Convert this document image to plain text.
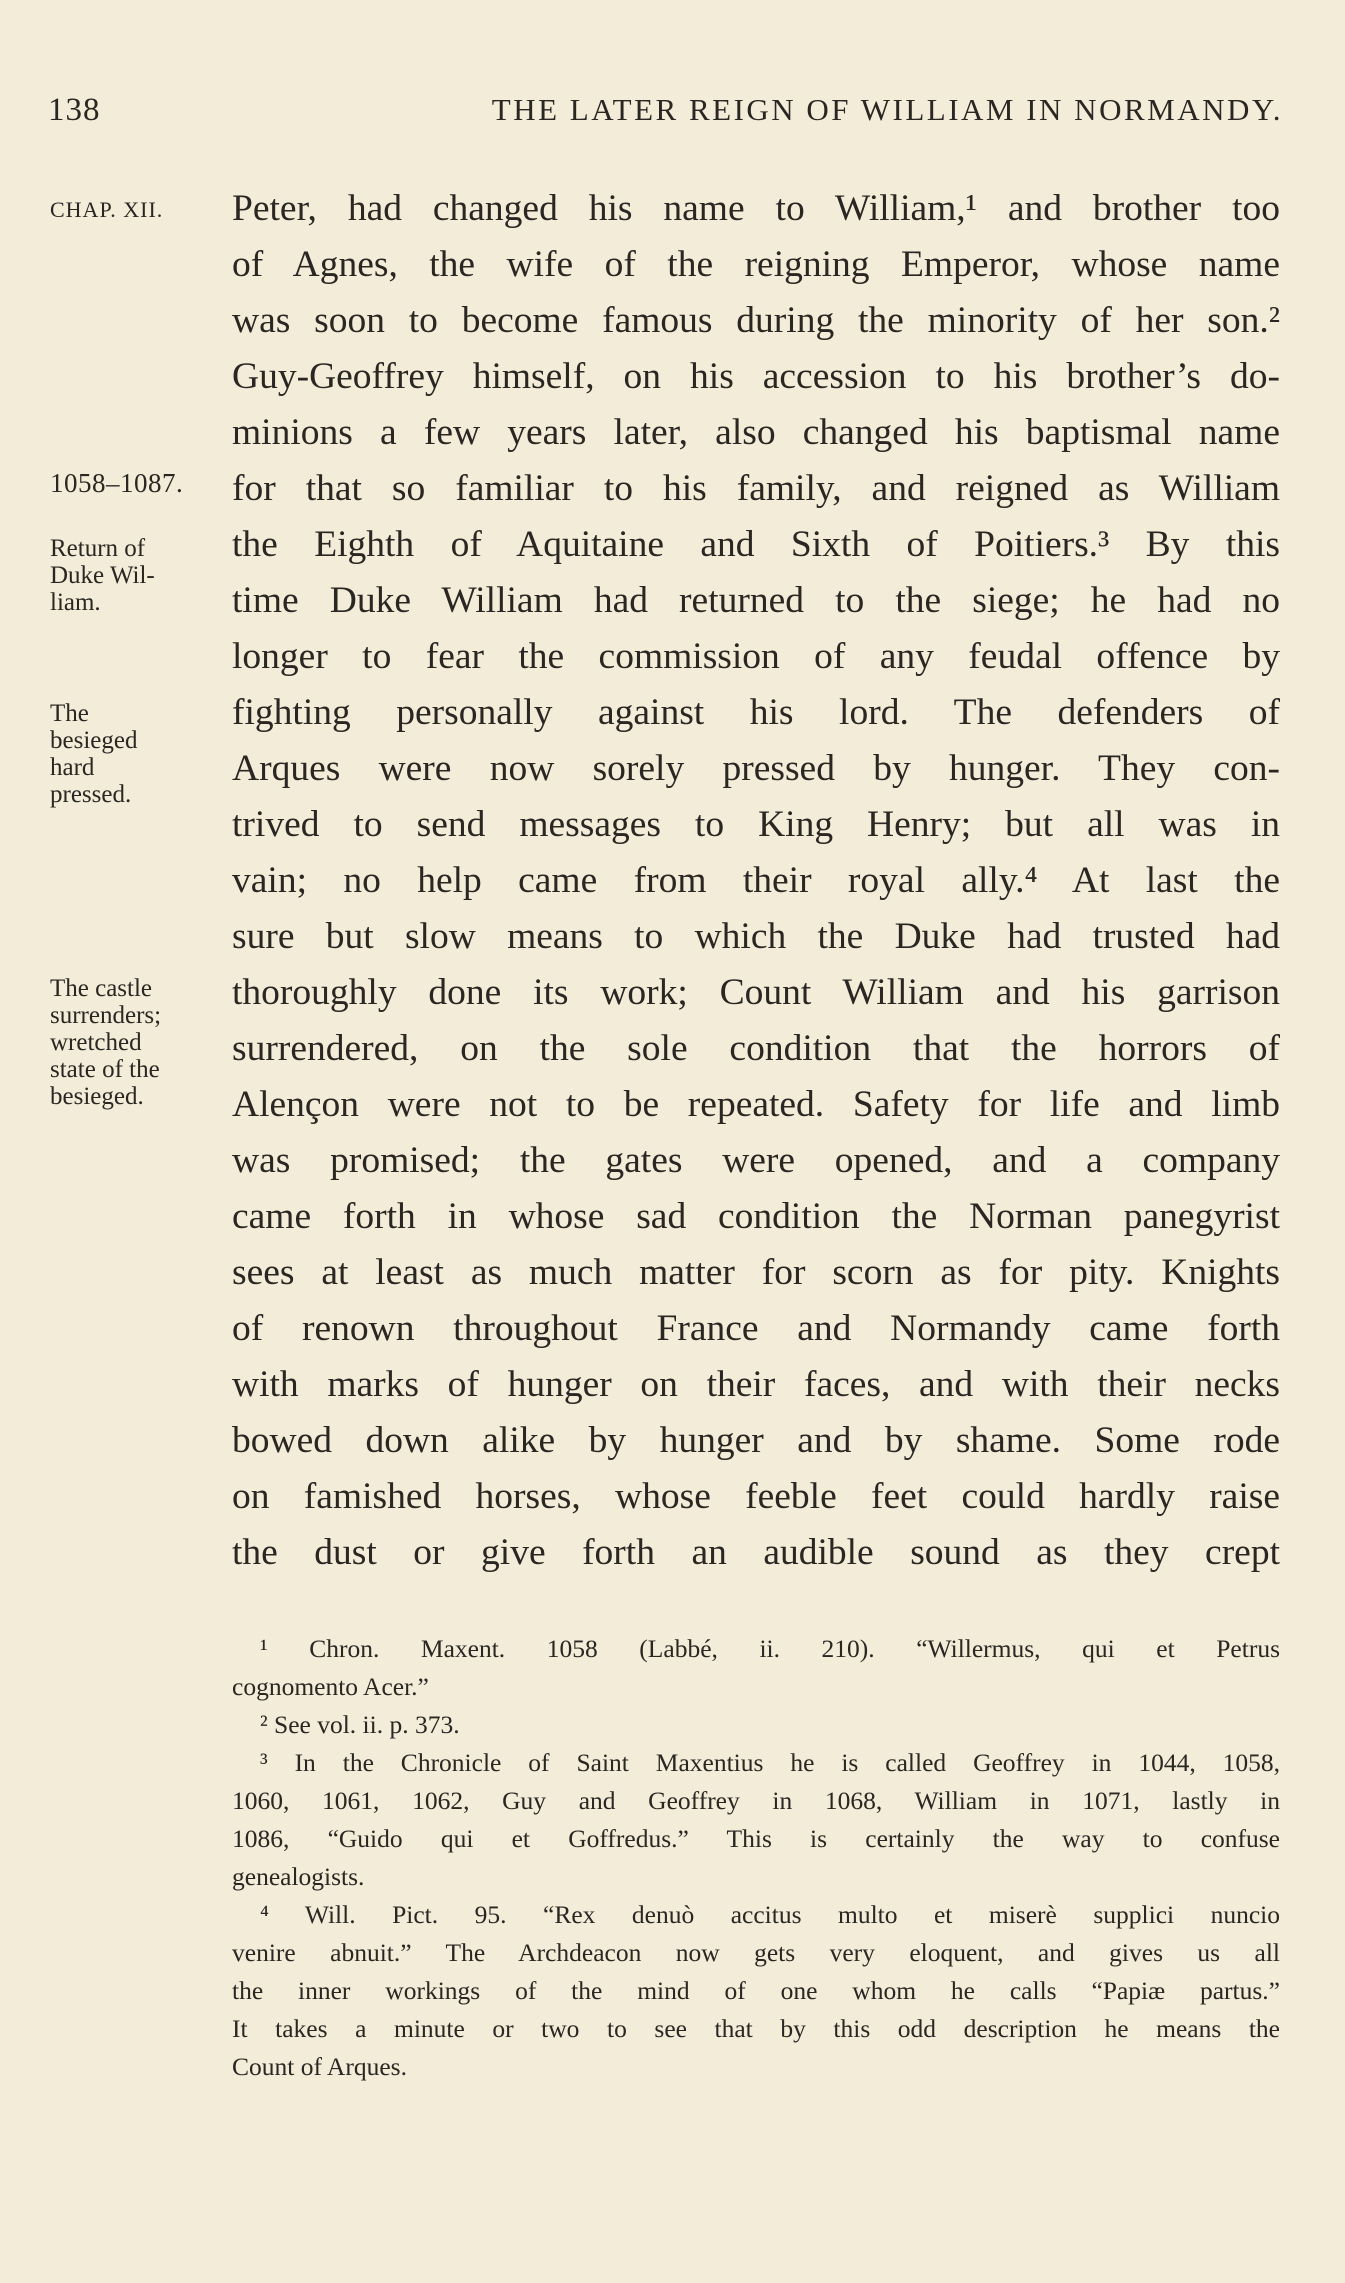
138	THE LATER REIGN OF WILLIAM IN NORMANDY.
CHAP. XII.
1058–1087.
Return of
Duke Wil-
liam.
The
besieged
hard
pressed.
The castle
surrenders;
wretched
state of the
besieged.
Peter, had changed his name to William,¹ and brother too
of Agnes, the wife of the reigning Emperor, whose name
was soon to become famous during the minority of her son.²
Guy-Geoffrey himself, on his accession to his brother’s do-
minions a few years later, also changed his baptismal name
for that so familiar to his family, and reigned as William
the Eighth of Aquitaine and Sixth of Poitiers.³ By this
time Duke William had returned to the siege; he had no
longer to fear the commission of any feudal offence by
fighting personally against his lord. The defenders of
Arques were now sorely pressed by hunger. They con-
trived to send messages to King Henry; but all was in
vain; no help came from their royal ally.⁴ At last the
sure but slow means to which the Duke had trusted had
thoroughly done its work; Count William and his garrison
surrendered, on the sole condition that the horrors of
Alençon were not to be repeated. Safety for life and limb
was promised; the gates were opened, and a company
came forth in whose sad condition the Norman panegyrist
sees at least as much matter for scorn as for pity. Knights
of renown throughout France and Normandy came forth
with marks of hunger on their faces, and with their necks
bowed down alike by hunger and by shame. Some rode
on famished horses, whose feeble feet could hardly raise
the dust or give forth an audible sound as they crept
¹ Chron. Maxent. 1058 (Labbé, ii. 210). “Willermus, qui et Petrus
cognomento Acer.”
² See vol. ii. p. 373.
³ In the Chronicle of Saint Maxentius he is called Geoffrey in 1044, 1058,
1060, 1061, 1062, Guy and Geoffrey in 1068, William in 1071, lastly in
1086, “Guido qui et Goffredus.” This is certainly the way to confuse
genealogists.
⁴ Will. Pict. 95. “Rex denuò accitus multo et miserè supplici nuncio
venire abnuit.” The Archdeacon now gets very eloquent, and gives us all
the inner workings of the mind of one whom he calls “Papiæ partus.”
It takes a minute or two to see that by this odd description he means the
Count of Arques.
